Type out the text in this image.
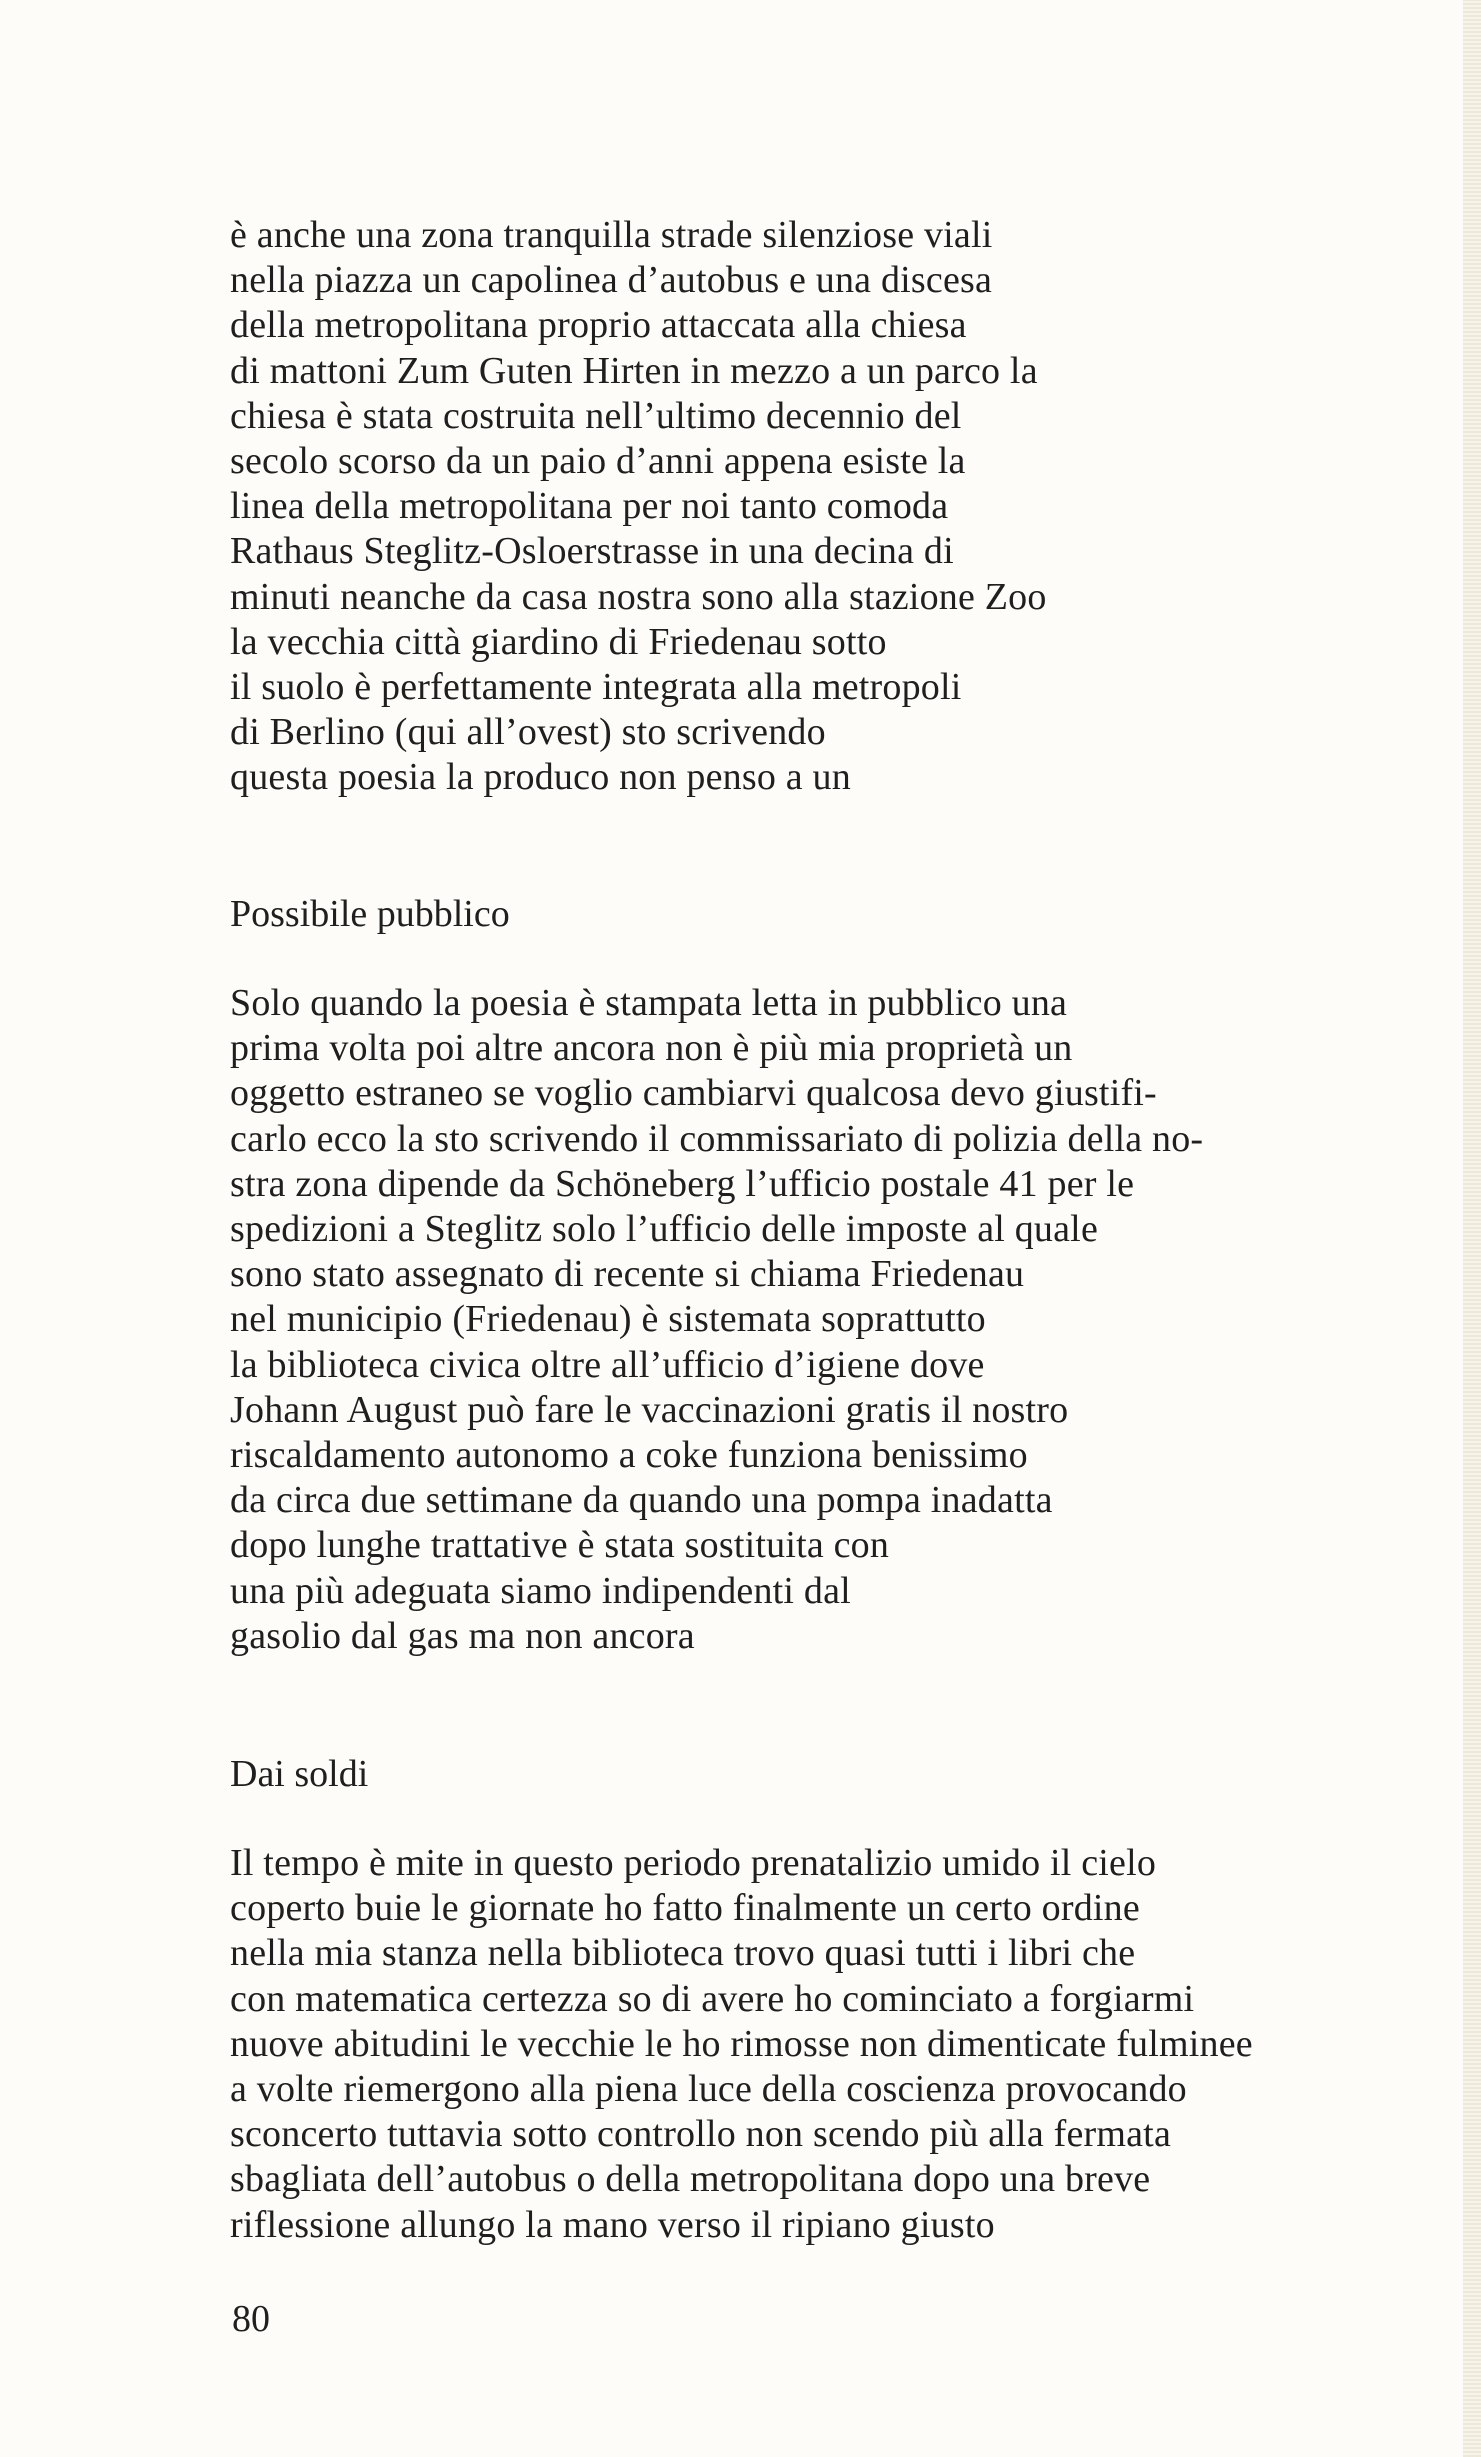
è anche una zona tranquilla strade silenziose viali
nella piazza un capolinea d’autobus e una discesa
della metropolitana proprio attaccata alla chiesa
di mattoni Zum Guten Hirten in mezzo a un parco la
chiesa è stata costruita nell’ultimo decennio del
secolo scorso da un paio d’anni appena esiste la
linea della metropolitana per noi tanto comoda
Rathaus Steglitz-Osloerstrasse in una decina di
minuti neanche da casa nostra sono alla stazione Zoo
la vecchia città giardino di Friedenau sotto
il suolo è perfettamente integrata alla metropoli
di Berlino (qui all’ovest) sto scrivendo
questa poesia la produco non penso a un
Possibile pubblico
Solo quando la poesia è stampata letta in pubblico una
prima volta poi altre ancora non è più mia proprietà un
oggetto estraneo se voglio cambiarvi qualcosa devo giustifi-
carlo ecco la sto scrivendo il commissariato di polizia della no-
stra zona dipende da Schöneberg l’ufficio postale 41 per le
spedizioni a Steglitz solo l’ufficio delle imposte al quale
sono stato assegnato di recente si chiama Friedenau
nel municipio (Friedenau) è sistemata soprattutto
la biblioteca civica oltre all’ufficio d’igiene dove
Johann August può fare le vaccinazioni gratis il nostro
riscaldamento autonomo a coke funziona benissimo
da circa due settimane da quando una pompa inadatta
dopo lunghe trattative è stata sostituita con
una più adeguata siamo indipendenti dal
gasolio dal gas ma non ancora
Dai soldi
Il tempo è mite in questo periodo prenatalizio umido il cielo
coperto buie le giornate ho fatto finalmente un certo ordine
nella mia stanza nella biblioteca trovo quasi tutti i libri che
con matematica certezza so di avere ho cominciato a forgiarmi
nuove abitudini le vecchie le ho rimosse non dimenticate fulminee
a volte riemergono alla piena luce della coscienza provocando
sconcerto tuttavia sotto controllo non scendo più alla fermata
sbagliata dell’autobus o della metropolitana dopo una breve
riflessione allungo la mano verso il ripiano giusto
80
